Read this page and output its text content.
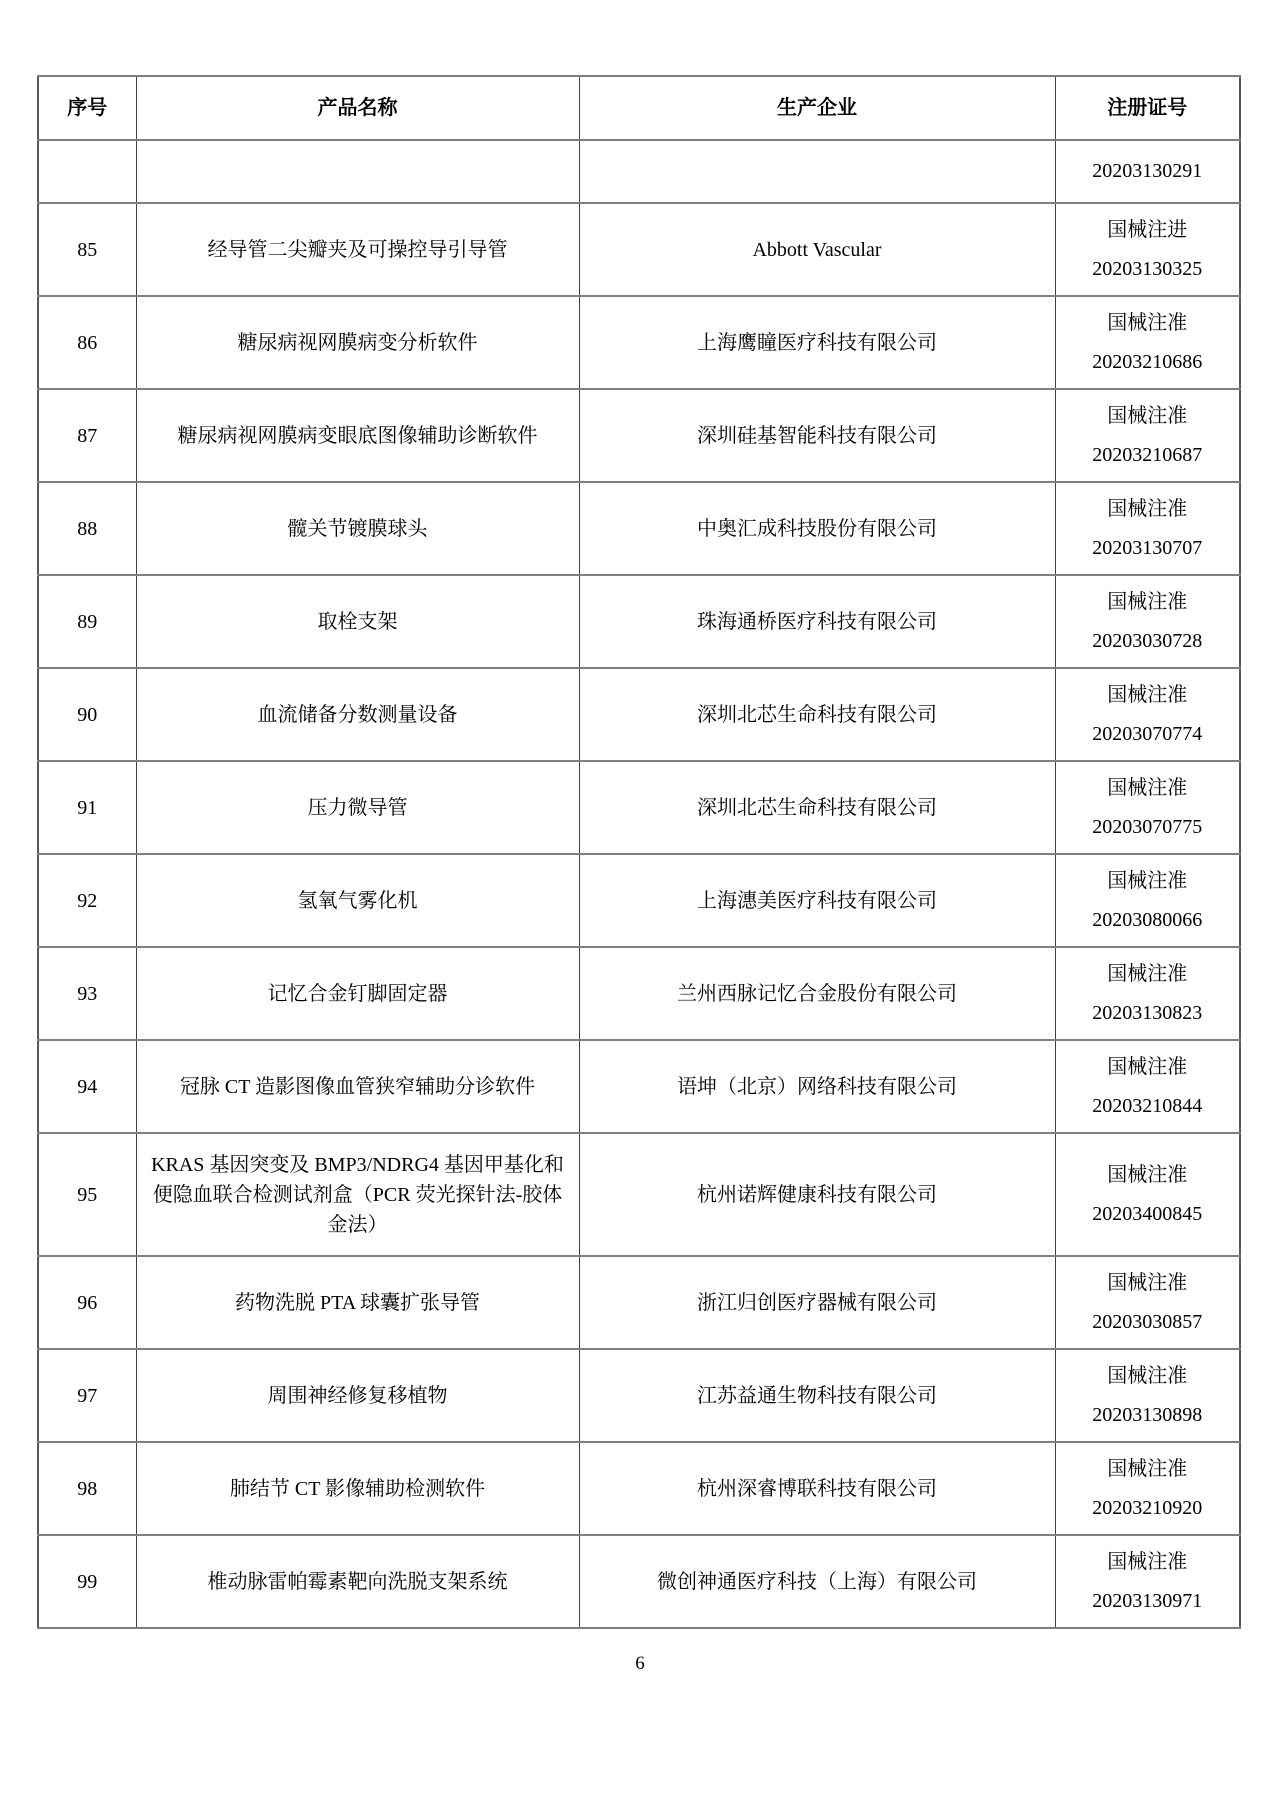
序号	产品名称	生产企业	注册证号

			20203130291

85	经导管二尖瓣夹及可操控导引导管	Abbott Vascular	国械注进
20203130325

86	糖尿病视网膜病变分析软件	上海鹰瞳医疗科技有限公司	国械注准
20203210686

87	糖尿病视网膜病变眼底图像辅助诊断软件	深圳硅基智能科技有限公司	国械注准
20203210687

88	髋关节镀膜球头	中奥汇成科技股份有限公司	国械注准
20203130707

89	取栓支架	珠海通桥医疗科技有限公司	国械注准
20203030728

90	血流储备分数测量设备	深圳北芯生命科技有限公司	国械注准
20203070774

91	压力微导管	深圳北芯生命科技有限公司	国械注准
20203070775

92	氢氧气雾化机	上海潓美医疗科技有限公司	国械注准
20203080066

93	记忆合金钉脚固定器	兰州西脉记忆合金股份有限公司	国械注准
20203130823

94	冠脉 CT 造影图像血管狭窄辅助分诊软件	语坤（北京）网络科技有限公司	国械注准
20203210844

95	KRAS 基因突变及 BMP3/NDRG4 基因甲基化和便隐血联合检测试剂盒（PCR 荧光探针法-胶体金法）	杭州诺辉健康科技有限公司	国械注准
20203400845

96	药物洗脱 PTA 球囊扩张导管	浙江归创医疗器械有限公司	国械注准
20203030857

97	周围神经修复移植物	江苏益通生物科技有限公司	国械注准
20203130898

98	肺结节 CT 影像辅助检测软件	杭州深睿博联科技有限公司	国械注准
20203210920

99	椎动脉雷帕霉素靶向洗脱支架系统	微创神通医疗科技（上海）有限公司	国械注准
20203130971
6
